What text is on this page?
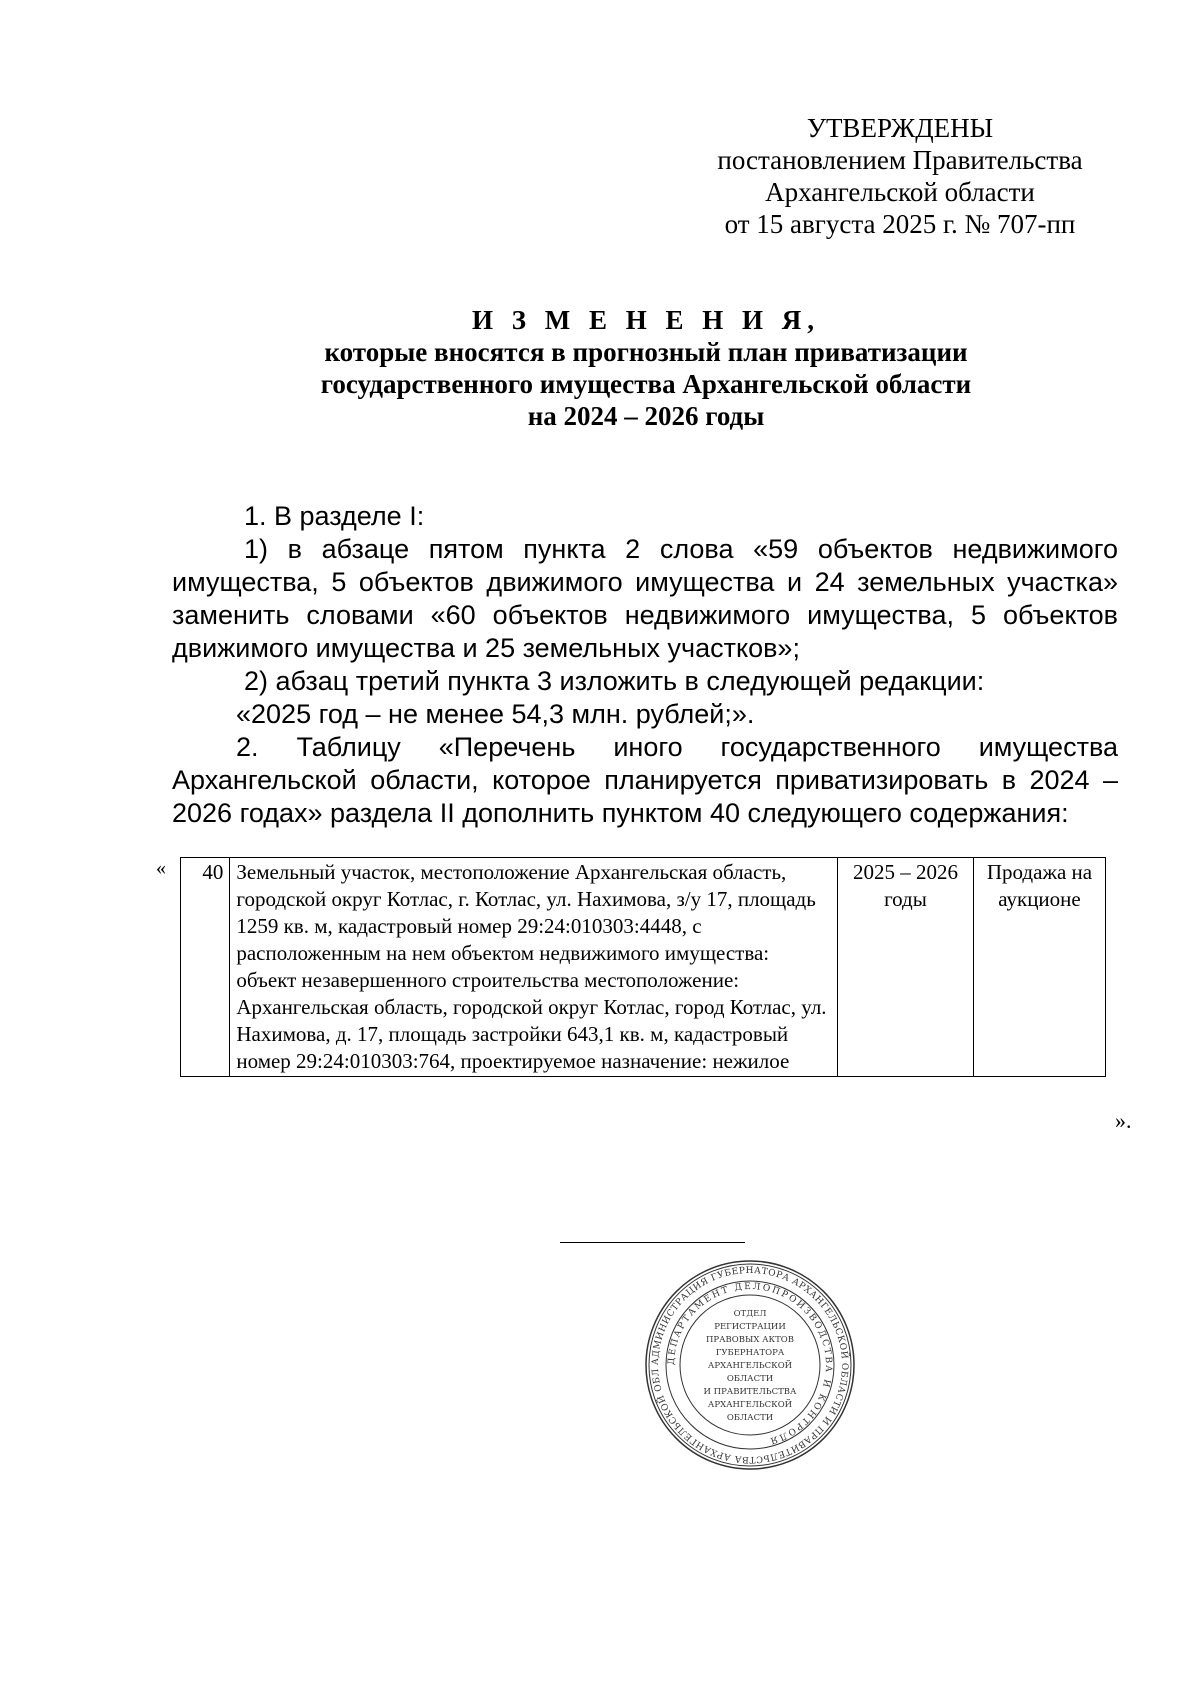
УТВЕРЖДЕНЫ
постановлением Правительства
Архангельской области
от 15 августа 2025 г. № 707-пп
И З М Е Н Е Н И Я,
которые вносятся в прогнозный план приватизации
государственного имущества Архангельской области
на 2024 – 2026 годы

1. В разделе I:

1) в абзаце пятом пункта 2 слова «59 объектов недвижимого имущества, 5 объектов движимого имущества и 24 земельных участка» заменить словами «60 объектов недвижимого имущества, 5 объектов движимого имущества и 25 земельных участков»;

2) абзац третий пункта 3 изложить в следующей редакции:

«2025 год – не менее 54,3 млн. рублей;».

2. Таблицу «Перечень иного государственного имущества Архангельской области, которое планируется приватизировать в 2024 – 2026 годах» раздела II дополнить пунктом 40 следующего содержания:

« 40	Земельный участок, местоположение Архангельская область, городской округ Котлас, г. Котлас, ул. Нахимова, з/у 17, площадь 1259 кв. м, кадастровый номер 29:24:010303:4448, с расположенным на нем объектом недвижимого имущества: объект незавершенного строительства местоположение: Архангельская область, городской округ Котлас, город Котлас, ул. Нахимова, д. 17, площадь застройки 643,1 кв. м, кадастровый номер 29:24:010303:764, проектируемое назначение: нежилое	2025 – 2026 годы	Продажа на аукционе
».
АДМИНИСТРАЦИЯ ГУБЕРНАТОРА АРХАНГЕЛЬСКОЙ ОБЛАСТИ И ПРАВИТЕЛЬСТВА АРХАНГЕЛЬСКОЙ ОБЛ
ДЕПАРТАМЕНТ ДЕЛОПРОИЗВОДСТВА И КОНТРОЛЯ
ОТДЕЛ
РЕГИСТРАЦИИ
ПРАВОВЫХ АКТОВ
ГУБЕРНАТОРА
АРХАНГЕЛЬСКОЙ
ОБЛАСТИ
И ПРАВИТЕЛЬСТВА
АРХАНГЕЛЬСКОЙ
ОБЛАСТИ
